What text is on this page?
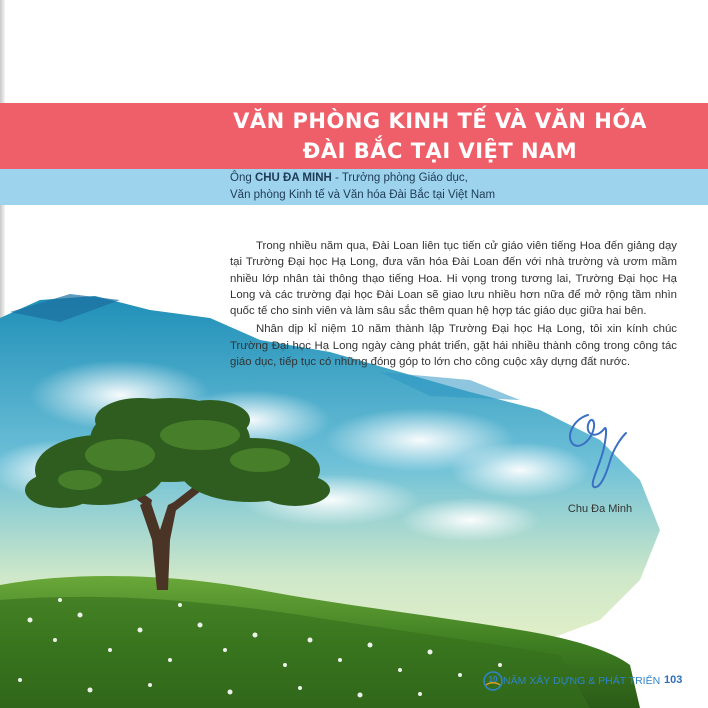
VĂN PHÒNG KINH TẾ VÀ VĂN HÓA
ĐÀI BẮC TẠI VIỆT NAM
Ông CHU ĐA MINH - Trưởng phòng Giáo dục,
Văn phòng Kinh tế và Văn hóa Đài Bắc tại Việt Nam

Trong nhiều năm qua, Đài Loan liên tục tiến cử giáo viên tiếng Hoa đến giảng dạy tại Trường Đại học Hạ Long, đưa văn hóa Đài Loan đến với nhà trường và ươm mầm nhiều lớp nhân tài thông thạo tiếng Hoa. Hi vọng trong tương lai, Trường Đại học Hạ Long và các trường đại học Đài Loan sẽ giao lưu nhiều hơn nữa để mở rộng tầm nhìn quốc tế cho sinh viên và làm sâu sắc thêm quan hệ hợp tác giáo dục giữa hai bên.

Nhân dịp kỉ niệm 10 năm thành lập Trường Đại học Hạ Long, tôi xin kính chúc Trường Đại học Hạ Long ngày càng phát triển, gặt hái nhiều thành công trong công tác giáo dục, tiếp tục có những đóng góp to lớn cho công cuộc xây dựng đất nước.

Chu Đa Minh
10 NĂM XÂY DỰNG & PHÁT TRIỂN 103
